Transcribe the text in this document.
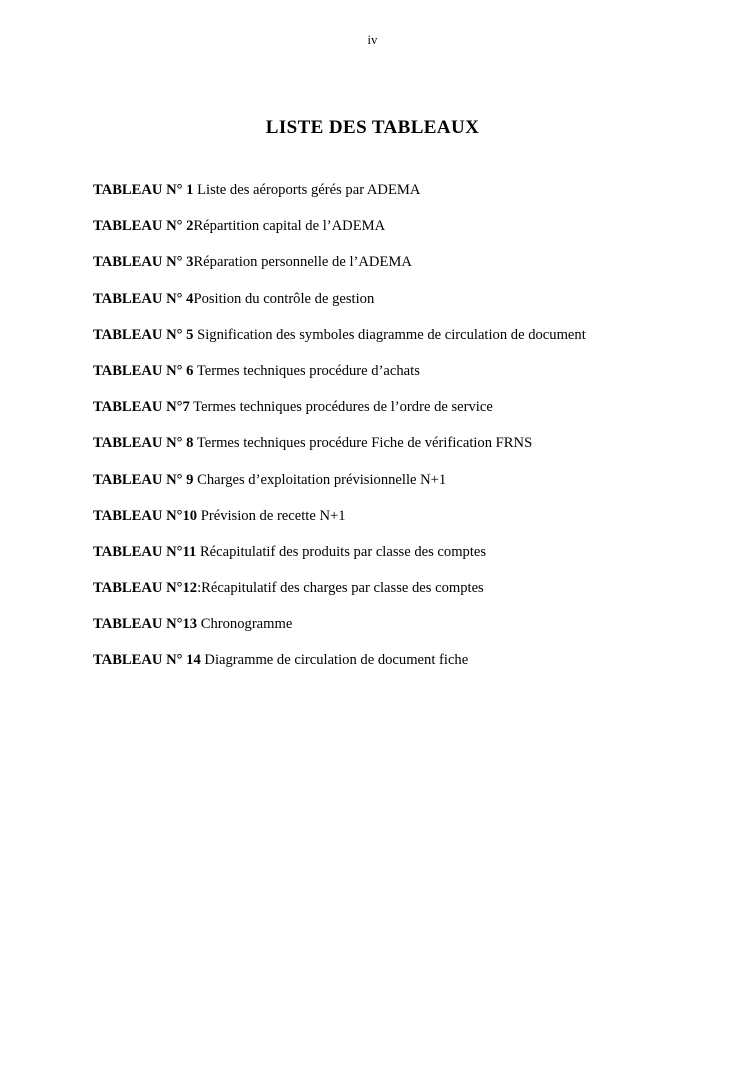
iv
LISTE DES TABLEAUX
TABLEAU N° 1 Liste des aéroports gérés par ADEMA
TABLEAU N° 2Répartition capital de l’ADEMA
TABLEAU N° 3Réparation personnelle de l’ADEMA
TABLEAU N° 4Position du contrôle de gestion
TABLEAU N° 5 Signification des symboles diagramme de circulation de document
TABLEAU N° 6 Termes techniques procédure d’achats
TABLEAU N°7 Termes techniques procédures de l’ordre de service
TABLEAU N° 8 Termes techniques procédure Fiche de vérification FRNS
TABLEAU N° 9 Charges d’exploitation prévisionnelle N+1
TABLEAU N°10 Prévision de recette N+1
TABLEAU N°11 Récapitulatif des produits par classe des comptes
TABLEAU N°12:Récapitulatif des charges par classe des comptes
TABLEAU N°13 Chronogramme
TABLEAU N° 14 Diagramme de circulation de document fiche
